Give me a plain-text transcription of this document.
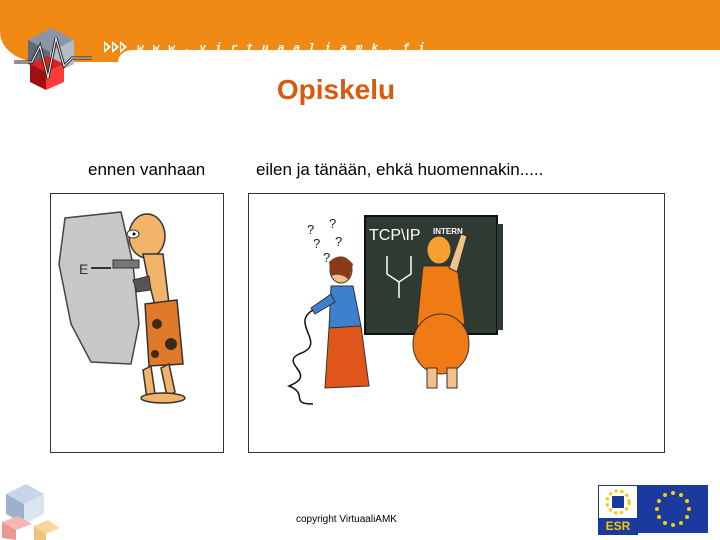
www.virtuaaliamk.fi
Opiskelu
ennen vanhaan	eilen ja tänään, ehkä huomennakin.....
E
TCP\IP INTERN
? ?
? ?
?
copyright VirtuaaliAMK	ESR
